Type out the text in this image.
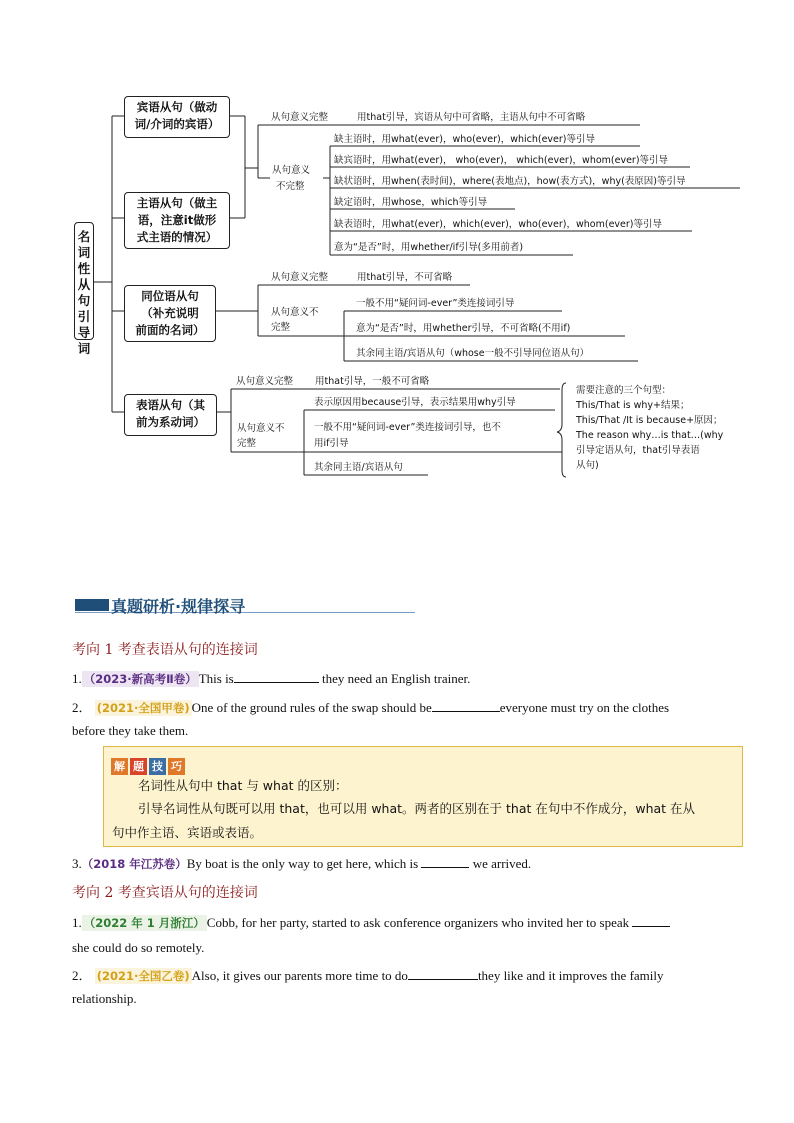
名词性从句引导词
宾语从句（做动
词/介词的宾语）
主语从句（做主
语，注意it做形
式主语的情况）
同位语从句
（补充说明
前面的名词）
表语从句（其
前为系动词）
从句意义完整	用that引导，宾语从句中可省略，主语从句中不可省略
从句意义
不完整
缺主语时，用what(ever)，who(ever)，which(ever)等引导
缺宾语时，用what(ever)， who(ever)， which(ever)，whom(ever)等引导
缺状语时，用when(表时间)，where(表地点)，how(表方式)，why(表原因)等引导
缺定语时，用whose，which等引导
缺表语时，用what(ever)，which(ever)，who(ever)，whom(ever)等引导
意为“是否”时，用whether/if引导(多用前者)
从句意义完整	用that引导，不可省略
从句意义不
完整
一般不用“疑问词-ever”类连接词引导
意为“是否”时，用whether引导，不可省略(不用if)
其余同主语/宾语从句（whose一般不引导同位语从句）
从句意义完整 用that引导，一般不可省略
从句意义不
完整
表示原因用because引导，表示结果用why引导
一般不用“疑问词-ever”类连接词引导，也不
用if引导
其余同主语/宾语从句
需要注意的三个句型：
This/That is why+结果；
This/That /It is because+原因；
The reason why…is that…(why
引导定语从句，that引导表语
从句)
真题研析·规律探寻
考向 1 考查表语从句的连接词
1. （2023·新高考Ⅱ卷） This is	they need an English trainer.
2． (2021·全国甲卷) One of the ground rules of the swap should be	everyone must try on the clothes
before they take them.
解 题 技 巧
名词性从句中 that 与 what 的区别：
引导名词性从句既可以用 that，也可以用 what。两者的区别在于 that 在句中不作成分，what 在从
句中作主语、宾语或表语。
3.（2018 年江苏卷）By boat is the only way to get here, which is	we arrived.
考向 2 考查宾语从句的连接词
1. （2022 年 1 月浙江） Cobb, for her party, started to ask conference organizers who invited her to speak
she could do so remotely.
2． (2021·全国乙卷) Also, it gives our parents more time to do	they like and it improves the family
relationship.
